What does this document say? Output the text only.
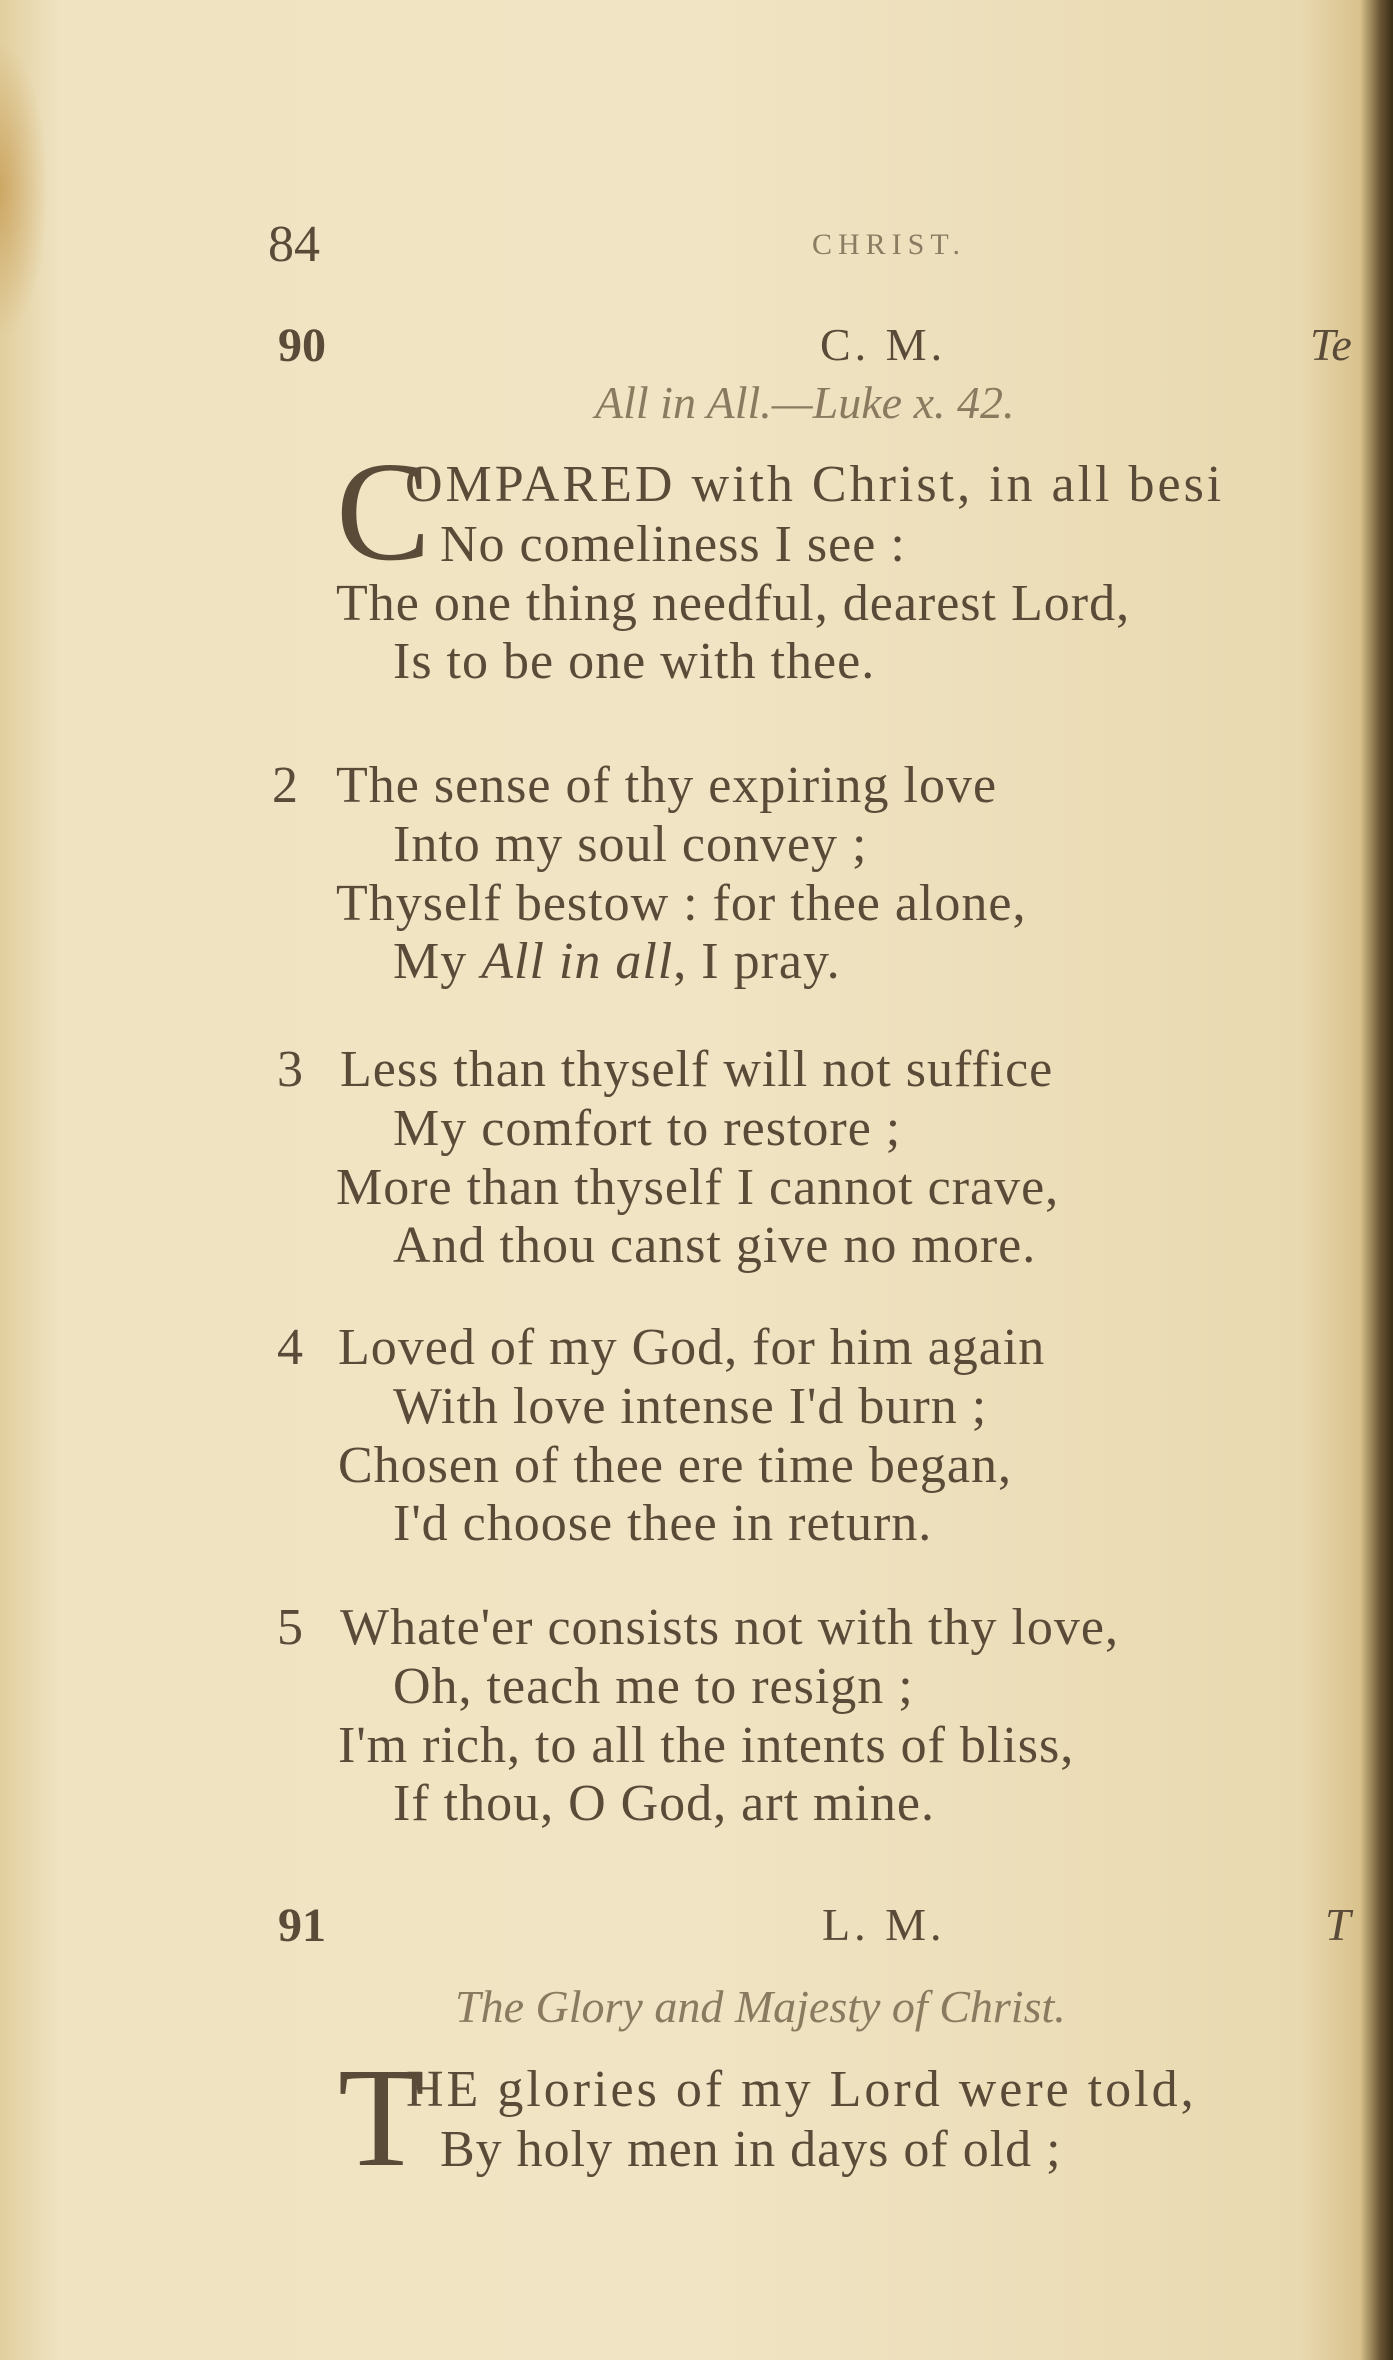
84	CHRIST.
90	C. M.	Te
All in All.—Luke x. 42.
C
OMPARED with Christ, in all besi
No comeliness I see :
The one thing needful, dearest Lord,
Is to be one with thee.
2 The sense of thy expiring love
Into my soul convey ;
Thyself bestow : for thee alone,
My All in all, I pray.
3 Less than thyself will not suffice
My comfort to restore ;
More than thyself I cannot crave,
And thou canst give no more.
4 Loved of my God, for him again
With love intense I'd burn ;
Chosen of thee ere time began,
I'd choose thee in return.
5 Whate'er consists not with thy love,
Oh, teach me to resign ;
I'm rich, to all the intents of bliss,
If thou, O God, art mine.
91	L. M.	T
The Glory and Majesty of Christ.
T
HE glories of my Lord were told,
By holy men in days of old ;
